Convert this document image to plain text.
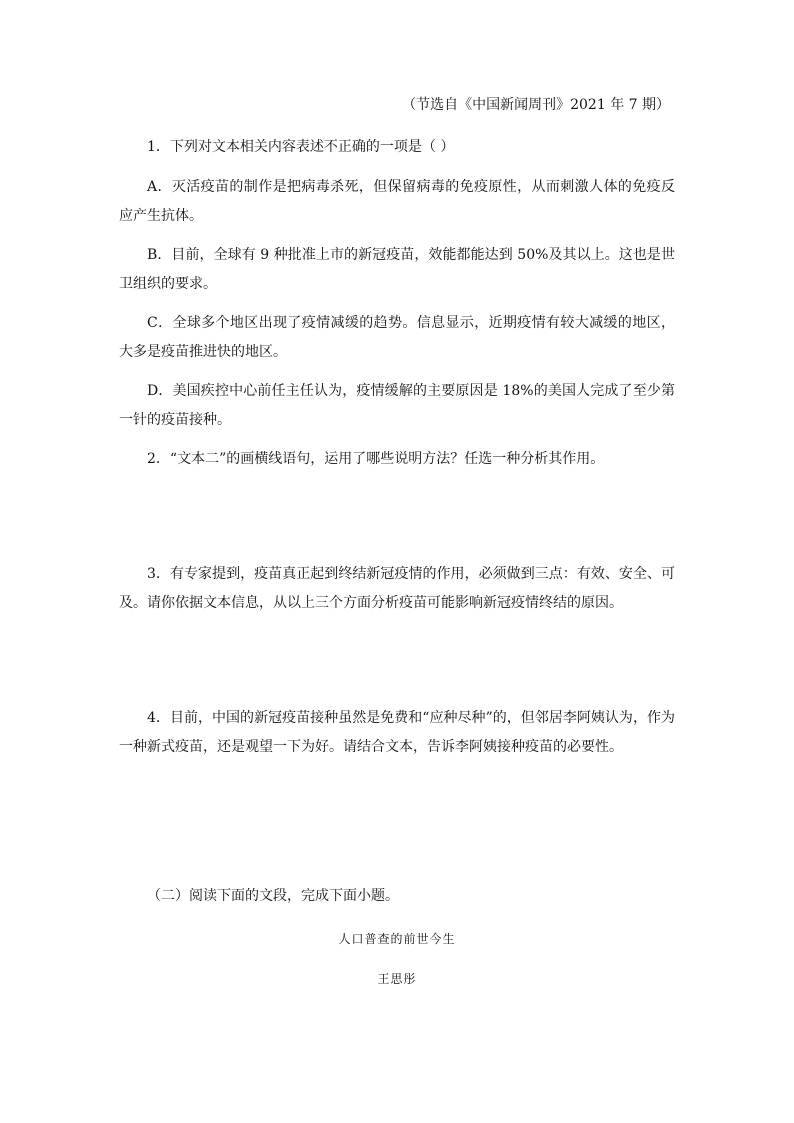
（节选自《中国新闻周刊》2021 年 7 期）

1．下列对文本相关内容表述不正确的一项是（ ）

A．灭活疫苗的制作是把病毒杀死，但保留病毒的免疫原性，从而刺激人体的免疫反应产生抗体。

B．目前，全球有 9 种批准上市的新冠疫苗，效能都能达到 50%及其以上。这也是世卫组织的要求。

C．全球多个地区出现了疫情减缓的趋势。信息显示，近期疫情有较大减缓的地区，大多是疫苗推进快的地区。

D．美国疾控中心前任主任认为，疫情缓解的主要原因是 18%的美国人完成了至少第一针的疫苗接种。

2．“文本二”的画横线语句，运用了哪些说明方法？任选一种分析其作用。

3．有专家提到，疫苗真正起到终结新冠疫情的作用，必须做到三点：有效、安全、可及。请你依据文本信息，从以上三个方面分析疫苗可能影响新冠疫情终结的原因。

4．目前，中国的新冠疫苗接种虽然是免费和“应种尽种”的，但邻居李阿姨认为，作为一种新式疫苗，还是观望一下为好。请结合文本，告诉李阿姨接种疫苗的必要性。

（二）阅读下面的文段，完成下面小题。

人口普查的前世今生
王思彤
